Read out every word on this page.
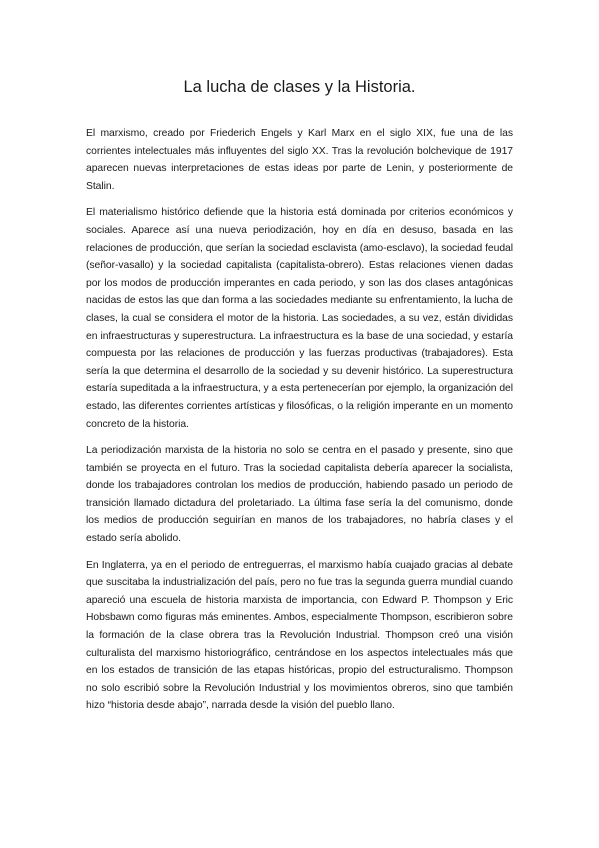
La lucha de clases y la Historia.

El marxismo, creado por Friederich Engels y Karl Marx en el siglo XIX, fue una de las corrientes intelectuales más influyentes del siglo XX. Tras la revolución bolchevique de 1917 aparecen nuevas interpretaciones de estas ideas por parte de Lenin, y posteriormente de Stalin.

El materialismo histórico defiende que la historia está dominada por criterios económicos y sociales. Aparece así una nueva periodización, hoy en día en desuso, basada en las relaciones de producción, que serían la sociedad esclavista (amo-esclavo), la sociedad feudal (señor-vasallo) y la sociedad capitalista (capitalista-obrero). Estas relaciones vienen dadas por los modos de producción imperantes en cada periodo, y son las dos clases antagónicas nacidas de estos las que dan forma a las sociedades mediante su enfrentamiento, la lucha de clases, la cual se considera el motor de la historia. Las sociedades, a su vez, están divididas en infraestructuras y superestructura. La infraestructura es la base de una sociedad, y estaría compuesta por las relaciones de producción y las fuerzas productivas (trabajadores). Esta sería la que determina el desarrollo de la sociedad y su devenir histórico. La superestructura estaría supeditada a la infraestructura, y a esta pertenecerían por ejemplo, la organización del estado, las diferentes corrientes artísticas y filosóficas, o la religión imperante en un momento concreto de la historia.

La periodización marxista de la historia no solo se centra en el pasado y presente, sino que también se proyecta en el futuro. Tras la sociedad capitalista debería aparecer la socialista, donde los trabajadores controlan los medios de producción, habiendo pasado un periodo de transición llamado dictadura del proletariado. La última fase sería la del comunismo, donde los medios de producción seguirían en manos de los trabajadores, no habría clases y el estado sería abolido.

En Inglaterra, ya en el periodo de entreguerras, el marxismo había cuajado gracias al debate que suscitaba la industrialización del país, pero no fue tras la segunda guerra mundial cuando apareció una escuela de historia marxista de importancia, con Edward P. Thompson y Eric Hobsbawn como figuras más eminentes. Ambos, especialmente Thompson, escribieron sobre la formación de la clase obrera tras la Revolución Industrial. Thompson creó una visión culturalista del marxismo historiográfico, centrándose en los aspectos intelectuales más que en los estados de transición de las etapas históricas, propio del estructuralismo. Thompson no solo escribió sobre la Revolución Industrial y los movimientos obreros, sino que también hizo “historia desde abajo”, narrada desde la visión del pueblo llano.
